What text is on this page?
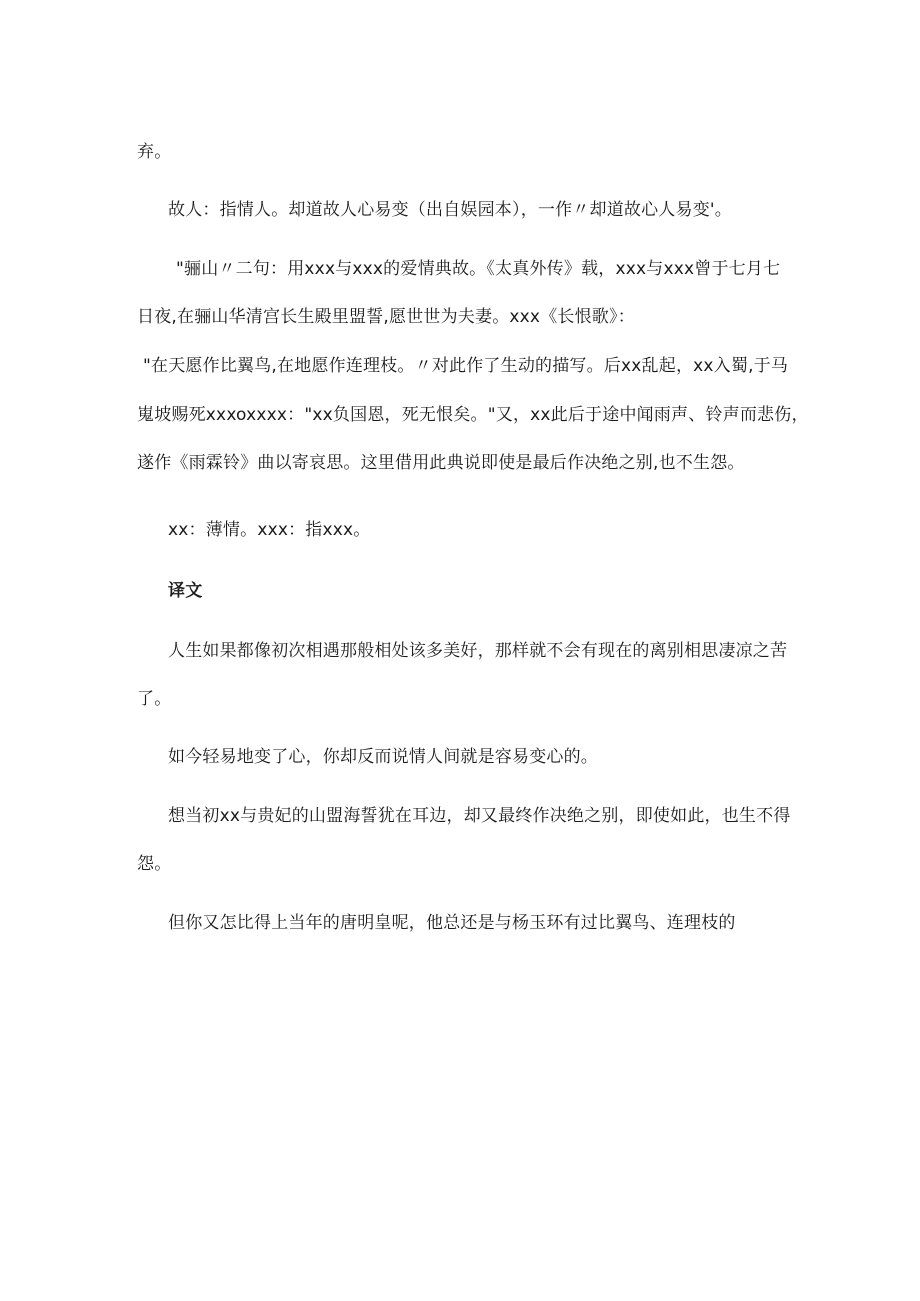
弃。
故人：指情人。却道故人心易变（出自娱园本），一作〃却道故心人易变'。
"骊山〃二句：用xxx与xxx的爱情典故。《太真外传》载，xxx与xxx曾于七月七
日夜,在骊山华清宫长生殿里盟誓,愿世世为夫妻。xxx《长恨歌》：
"在天愿作比翼鸟,在地愿作连理枝。〃对此作了生动的描写。后xx乱起，xx入蜀,于马
嵬坡赐死xxxoxxxx："xx负国恩，死无恨矣。"又，xx此后于途中闻雨声、铃声而悲伤，
遂作《雨霖铃》曲以寄哀思。这里借用此典说即使是最后作决绝之别,也不生怨。
xx：薄情。xxx：指xxx。
译文
人生如果都像初次相遇那般相处该多美好，那样就不会有现在的离别相思凄凉之苦
了。
如今轻易地变了心，你却反而说情人间就是容易变心的。
想当初xx与贵妃的山盟海誓犹在耳边，却又最终作决绝之别，即使如此，也生不得
怨。
但你又怎比得上当年的唐明皇呢，他总还是与杨玉环有过比翼鸟、连理枝的
